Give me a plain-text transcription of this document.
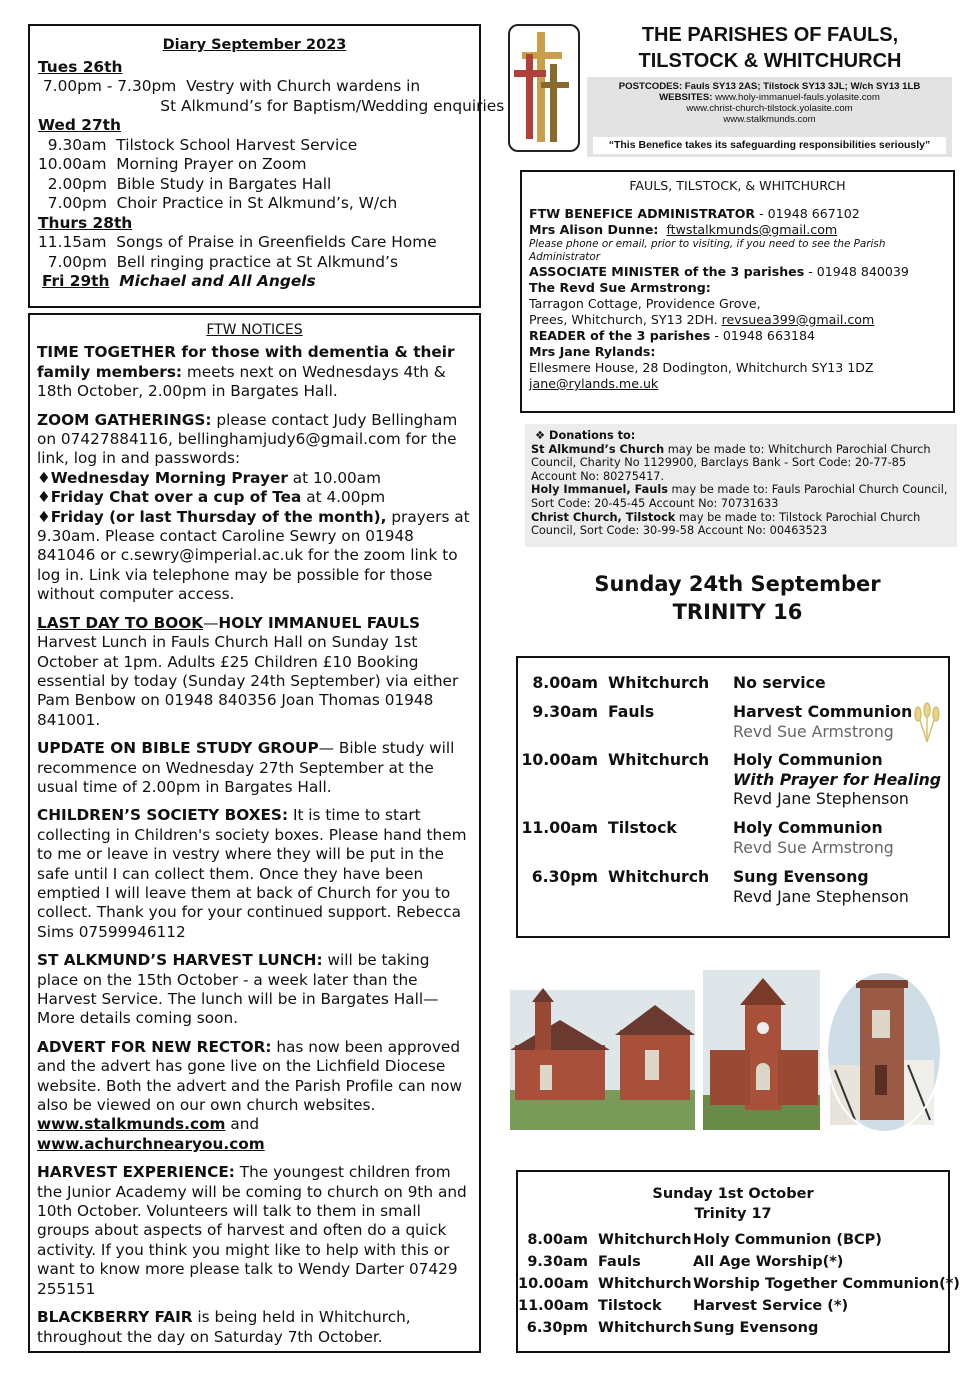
Diary September 2023
Tues 26th
7.00pm - 7.30pm  Vestry with Church wardens in
St Alkmund’s for Baptism/Wedding enquiries
Wed 27th
9.30am  Tilstock School Harvest Service
10.00am  Morning Prayer on Zoom
2.00pm  Bible Study in Bargates Hall
7.00pm  Choir Practice in St Alkmund’s, W/ch
Thurs 28th
11.15am  Songs of Praise in Greenfields Care Home
7.00pm  Bell ringing practice at St Alkmund’s
Fri 29th Michael and All Angels
FTW NOTICES

TIME TOGETHER for those with dementia & their family members: meets next on Wednesdays 4th & 18th October, 2.00pm in Bargates Hall.

ZOOM GATHERINGS: please contact Judy Bellingham on 07427884116, bellinghamjudy6@gmail.com for the link, log in and passwords:
♦Wednesday Morning Prayer at 10.00am
♦Friday Chat over a cup of Tea at 4.00pm
♦Friday (or last Thursday of the month), prayers at 9.30am. Please contact Caroline Sewry on 01948 841046 or c.sewry@imperial.ac.uk for the zoom link to log in. Link via telephone may be possible for those without computer access.
LAST DAY TO BOOK—HOLY IMMANUEL FAULS
Harvest Lunch in Fauls Church Hall on Sunday 1st October at 1pm. Adults £25 Children £10 Booking essential by today (Sunday 24th September) via either Pam Benbow on 01948 840356 Joan Thomas 01948 841001.

UPDATE ON BIBLE STUDY GROUP— Bible study will recommence on Wednesday 27th September at the usual time of 2.00pm in Bargates Hall.

CHILDREN’S SOCIETY BOXES: It is time to start collecting in Children's society boxes. Please hand them to me or leave in vestry where they will be put in the safe until I can collect them. Once they have been emptied I will leave them at back of Church for you to collect. Thank you for your continued support. Rebecca Sims 07599946112

ST ALKMUND’S HARVEST LUNCH: will be taking place on the 15th October - a week later than the Harvest Service. The lunch will be in Bargates Hall—More details coming soon.

ADVERT FOR NEW RECTOR: has now been approved and the advert has gone live on the Lichfield Diocese website. Both the advert and the Parish Profile can now also be viewed on our own church websites.
www.stalkmunds.com and www.achurchnearyou.com

HARVEST EXPERIENCE: The youngest children from the Junior Academy will be coming to church on 9th and 10th October. Volunteers will talk to them in small groups about aspects of harvest and often do a quick activity. If you think you might like to help with this or want to know more please talk to Wendy Darter 07429 255151

BLACKBERRY FAIR is being held in Whitchurch, throughout the day on Saturday 7th October.

THE PARISHES OF FAULS,
TILSTOCK & WHITCHURCH
POSTCODES: Fauls SY13 2AS; Tilstock SY13 3JL; W/ch SY13 1LB
WEBSITES: www.holy-immanuel-fauls.yolasite.com
www.christ-church-tilstock.yolasite.com
www.stalkmunds.com
“This Benefice takes its safeguarding responsibilities seriously”
FAULS, TILSTOCK, & WHITCHURCH
FTW BENEFICE ADMINISTRATOR - 01948 667102
Mrs Alison Dunne: ftwstalkmunds@gmail.com
Please phone or email, prior to visiting, if you need to see the Parish Administrator
ASSOCIATE MINISTER of the 3 parishes - 01948 840039
The Revd Sue Armstrong:
Tarragon Cottage, Providence Grove,
Prees, Whitchurch, SY13 2DH. revsuea399@gmail.com
READER of the 3 parishes - 01948 663184
Mrs Jane Rylands:
Ellesmere House, 28 Dodington, Whitchurch SY13 1DZ
jane@rylands.me.uk
❖ Donations to:
St Alkmund’s Church may be made to: Whitchurch Parochial Church Council, Charity No 1129900, Barclays Bank - Sort Code: 20-77-85 Account No: 80275417.
Holy Immanuel, Fauls may be made to: Fauls Parochial Church Council, Sort Code: 20-45-45 Account No: 70731633
Christ Church, Tilstock may be made to: Tilstock Parochial Church Council, Sort Code: 30-99-58 Account No: 00463523
Sunday 24th September
TRINITY 16
8.00am Whitchurch No service
9.30am Fauls	Harvest Communion
Revd Sue Armstrong
10.00am Whitchurch Holy Communion
With Prayer for Healing
Revd Jane Stephenson
11.00am Tilstock	Holy Communion
Revd Sue Armstrong
6.30pm Whitchurch Sung Evensong
Revd Jane Stephenson
Sunday 1st October
Trinity 17
8.00am Whitchurch Holy Communion (BCP)
9.30am Fauls	All Age Worship(*)
10.00am Whitchurch Worship Together Communion(*)
11.00am Tilstock Harvest Service (*)
6.30pm Whitchurch Sung Evensong
